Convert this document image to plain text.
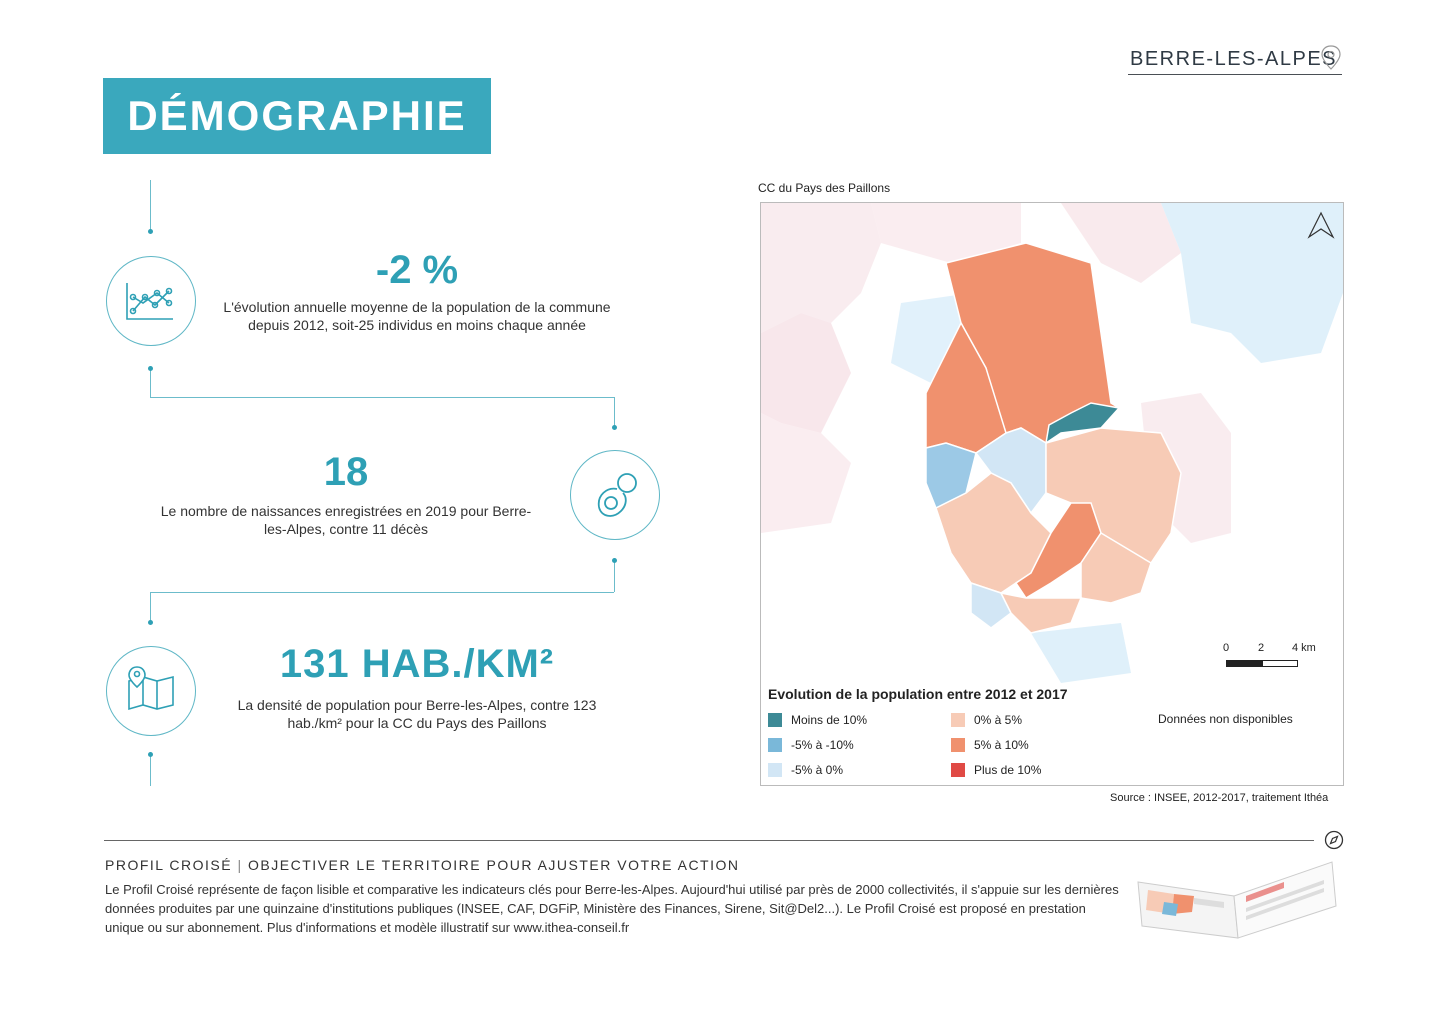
BERRE-LES-ALPES
DÉMOGRAPHIE
-2 %
L'évolution annuelle moyenne de la population de la commune depuis 2012, soit-25 individus en moins chaque année
18
Le nombre de naissances enregistrées en 2019 pour Berre-les-Alpes, contre 11 décès
131 HAB./KM²
La densité de population pour Berre-les-Alpes, contre 123 hab./km² pour la CC du Pays des Paillons
CC du Pays des Paillons
0	2	4 km
Evolution de la population entre 2012 et 2017
Moins de 10%
-5% à -10%
-5% à 0%
0% à 5%
5% à 10%
Plus de 10%
Données non disponibles
Source : INSEE, 2012-2017, traitement Ithéa
PROFIL CROISÉ | OBJECTIVER LE TERRITOIRE POUR AJUSTER VOTRE ACTION
Le Profil Croisé représente de façon lisible et comparative les indicateurs clés pour Berre-les-Alpes. Aujourd'hui utilisé par près de 2000 collectivités, il s'appuie sur les dernières données produites par une quinzaine d'institutions publiques (INSEE, CAF, DGFiP, Ministère des Finances, Sirene, Sit@Del2...). Le Profil Croisé est proposé en prestation unique ou sur abonnement. Plus d'informations et modèle illustratif sur www.ithea-conseil.fr
